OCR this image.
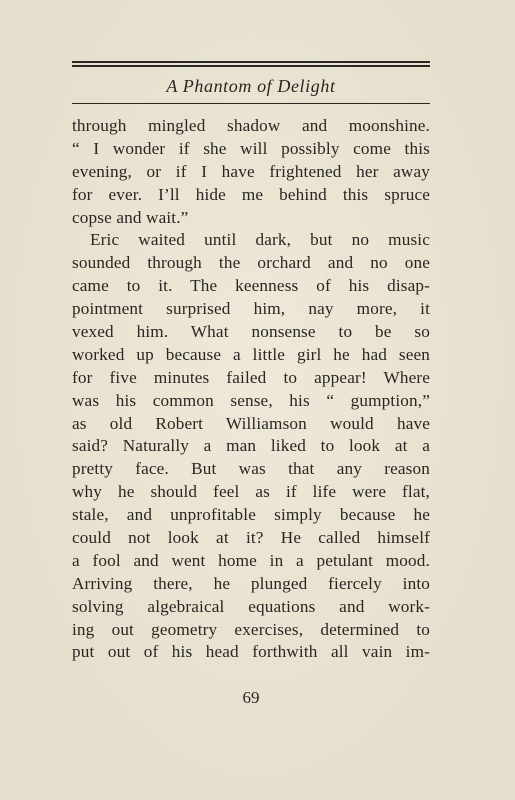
A Phantom of Delight
through mingled shadow and moonshine.
“ I wonder if she will possibly come this
evening, or if I have frightened her away
for ever. I’ll hide me behind this spruce
copse and wait.”
Eric waited until dark, but no music
sounded through the orchard and no one
came to it. The keenness of his disap-
pointment surprised him, nay more, it
vexed him. What nonsense to be so
worked up because a little girl he had seen
for five minutes failed to appear! Where
was his common sense, his “ gumption,”
as old Robert Williamson would have
said? Naturally a man liked to look at a
pretty face. But was that any reason
why he should feel as if life were flat,
stale, and unprofitable simply because he
could not look at it? He called himself
a fool and went home in a petulant mood.
Arriving there, he plunged fiercely into
solving algebraical equations and work-
ing out geometry exercises, determined to
put out of his head forthwith all vain im-
69
